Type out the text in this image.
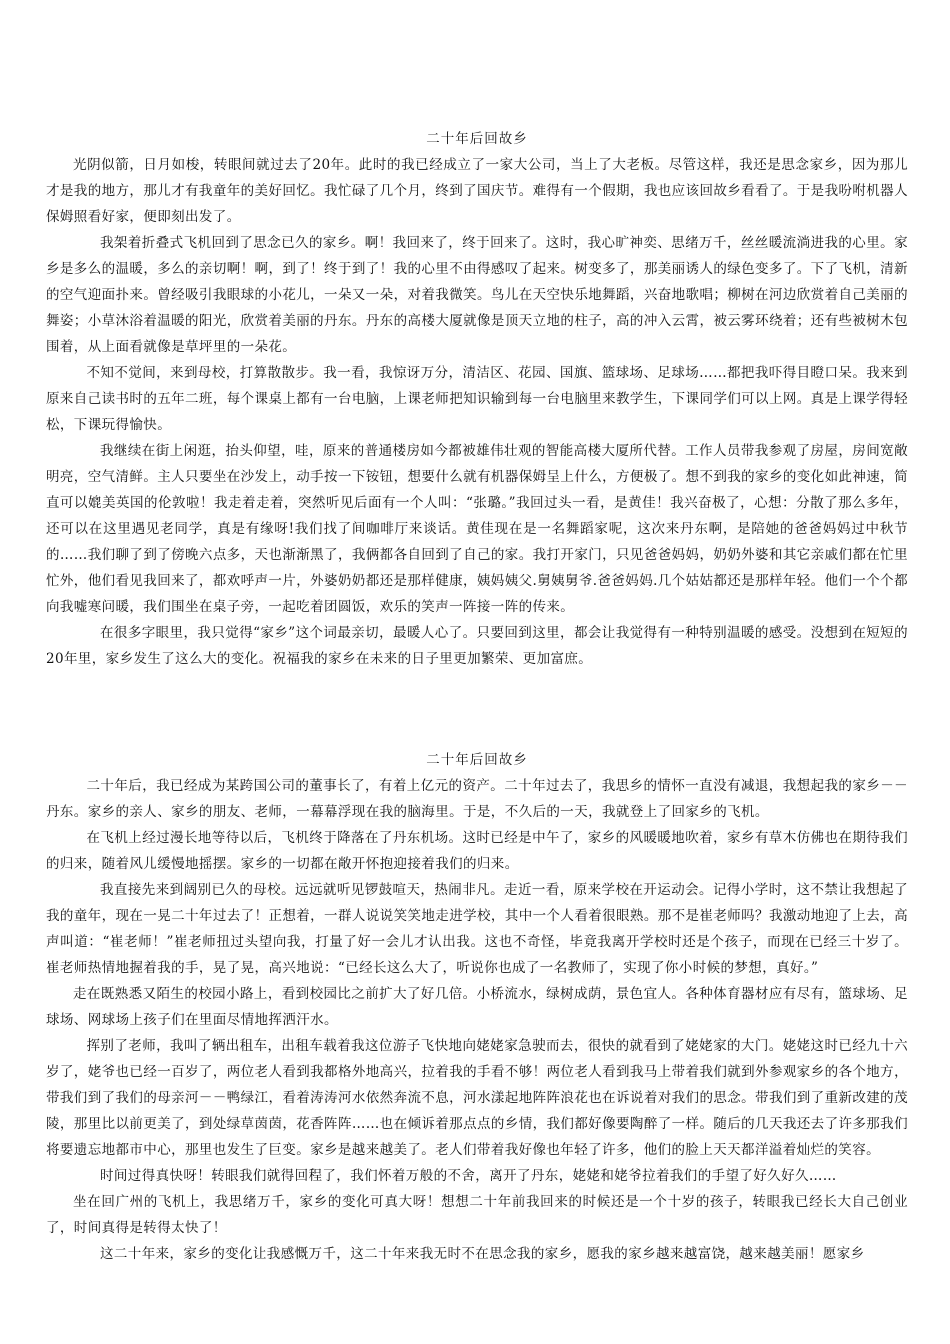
二十年后回故乡

光阴似箭，日月如梭，转眼间就过去了20年。此时的我已经成立了一家大公司，当上了大老板。尽管这样，我还是思念家乡，因为那儿才是我的地方，那儿才有我童年的美好回忆。我忙碌了几个月，终到了国庆节。难得有一个假期，我也应该回故乡看看了。于是我吩咐机器人保姆照看好家，便即刻出发了。

我架着折叠式飞机回到了思念已久的家乡。啊！我回来了，终于回来了。这时，我心旷神奕、思绪万千，丝丝暖流淌进我的心里。家乡是多么的温暖，多么的亲切啊！啊，到了！终于到了！我的心里不由得感叹了起来。树变多了，那美丽诱人的绿色变多了。下了飞机，清新的空气迎面扑来。曾经吸引我眼球的小花儿，一朵又一朵，对着我微笑。鸟儿在天空快乐地舞蹈，兴奋地歌唱；柳树在河边欣赏着自己美丽的舞姿；小草沐浴着温暖的阳光，欣赏着美丽的丹东。丹东的高楼大厦就像是顶天立地的柱子，高的冲入云霄，被云雾环绕着；还有些被树木包围着，从上面看就像是草坪里的一朵花。

不知不觉间，来到母校，打算散散步。我一看，我惊讶万分，清洁区、花园、国旗、篮球场、足球场……都把我吓得目瞪口呆。我来到原来自己读书时的五年二班，每个课桌上都有一台电脑，上课老师把知识输到每一台电脑里来教学生，下课同学们可以上网。真是上课学得轻松，下课玩得愉快。

我继续在街上闲逛，抬头仰望，哇，原来的普通楼房如今都被雄伟壮观的智能高楼大厦所代替。工作人员带我参观了房屋，房间宽敞明亮，空气清鲜。主人只要坐在沙发上，动手按一下铵钮，想要什么就有机器保姆呈上什么，方便极了。想不到我的家乡的变化如此神速，简直可以媲美英国的伦敦啦！我走着走着，突然听见后面有一个人叫：“张璐。”我回过头一看，是黄佳！我兴奋极了，心想：分散了那么多年，还可以在这里遇见老同学，真是有缘呀!我们找了间咖啡厅来谈话。黄佳现在是一名舞蹈家呢，这次来丹东啊，是陪她的爸爸妈妈过中秋节的……我们聊了到了傍晚六点多，天也渐渐黑了，我俩都各自回到了自己的家。我打开家门，只见爸爸妈妈，奶奶外婆和其它亲戚们都在忙里忙外，他们看见我回来了，都欢呼声一片，外婆奶奶都还是那样健康，姨妈姨父.舅姨舅爷.爸爸妈妈.几个姑姑都还是那样年轻。他们一个个都向我嘘寒问暖，我们围坐在桌子旁，一起吃着团圆饭，欢乐的笑声一阵接一阵的传来。

在很多字眼里，我只觉得“家乡”这个词最亲切，最暖人心了。只要回到这里，都会让我觉得有一种特别温暖的感受。没想到在短短的20年里，家乡发生了这么大的变化。祝福我的家乡在未来的日子里更加繁荣、更加富庶。

二十年后回故乡

二十年后，我已经成为某跨国公司的董事长了，有着上亿元的资产。二十年过去了，我思乡的情怀一直没有减退，我想起我的家乡－－丹东。家乡的亲人、家乡的朋友、老师，一幕幕浮现在我的脑海里。于是，不久后的一天，我就登上了回家乡的飞机。

在飞机上经过漫长地等待以后，飞机终于降落在了丹东机场。这时已经是中午了，家乡的风暖暖地吹着，家乡有草木仿佛也在期待我们的归来，随着风儿缓慢地摇摆。家乡的一切都在敞开怀抱迎接着我们的归来。

我直接先来到阔别已久的母校。远远就听见锣鼓喧天，热闹非凡。走近一看，原来学校在开运动会。记得小学时，这不禁让我想起了我的童年，现在一晃二十年过去了！正想着，一群人说说笑笑地走进学校，其中一个人看着很眼熟。那不是崔老师吗？我激动地迎了上去，高声叫道：“崔老师！”崔老师扭过头望向我，打量了好一会儿才认出我。这也不奇怪，毕竟我离开学校时还是个孩子，而现在已经三十岁了。崔老师热情地握着我的手，晃了晃，高兴地说：“已经长这么大了，听说你也成了一名教师了，实现了你小时候的梦想，真好。”

走在既熟悉又陌生的校园小路上，看到校园比之前扩大了好几倍。小桥流水，绿树成荫，景色宜人。各种体育器材应有尽有，篮球场、足球场、网球场上孩子们在里面尽情地挥洒汗水。

挥别了老师，我叫了辆出租车，出租车载着我这位游子飞快地向姥姥家急驶而去，很快的就看到了姥姥家的大门。姥姥这时已经九十六岁了，姥爷也已经一百岁了，两位老人看到我都格外地高兴，拉着我的手看不够！两位老人看到我马上带着我们就到外参观家乡的各个地方，带我们到了我们的母亲河－－鸭绿江，看着涛涛河水依然奔流不息，河水漾起地阵阵浪花也在诉说着对我们的思念。带我们到了重新改建的茂陵，那里比以前更美了，到处绿草茵茵，花香阵阵……也在倾诉着那点点的乡情，我们都好像要陶醉了一样。随后的几天我还去了许多那我们将要遗忘地都市中心，那里也发生了巨变。家乡是越来越美了。老人们带着我好像也年轻了许多，他们的脸上天天都洋溢着灿烂的笑容。

时间过得真快呀！转眼我们就得回程了，我们怀着万般的不舍，离开了丹东，姥姥和姥爷拉着我们的手望了好久好久……

坐在回广州的飞机上，我思绪万千，家乡的变化可真大呀！想想二十年前我回来的时候还是一个十岁的孩子，转眼我已经长大自己创业了，时间真得是转得太快了！

这二十年来，家乡的变化让我感慨万千，这二十年来我无时不在思念我的家乡，愿我的家乡越来越富饶，越来越美丽！愿家乡
